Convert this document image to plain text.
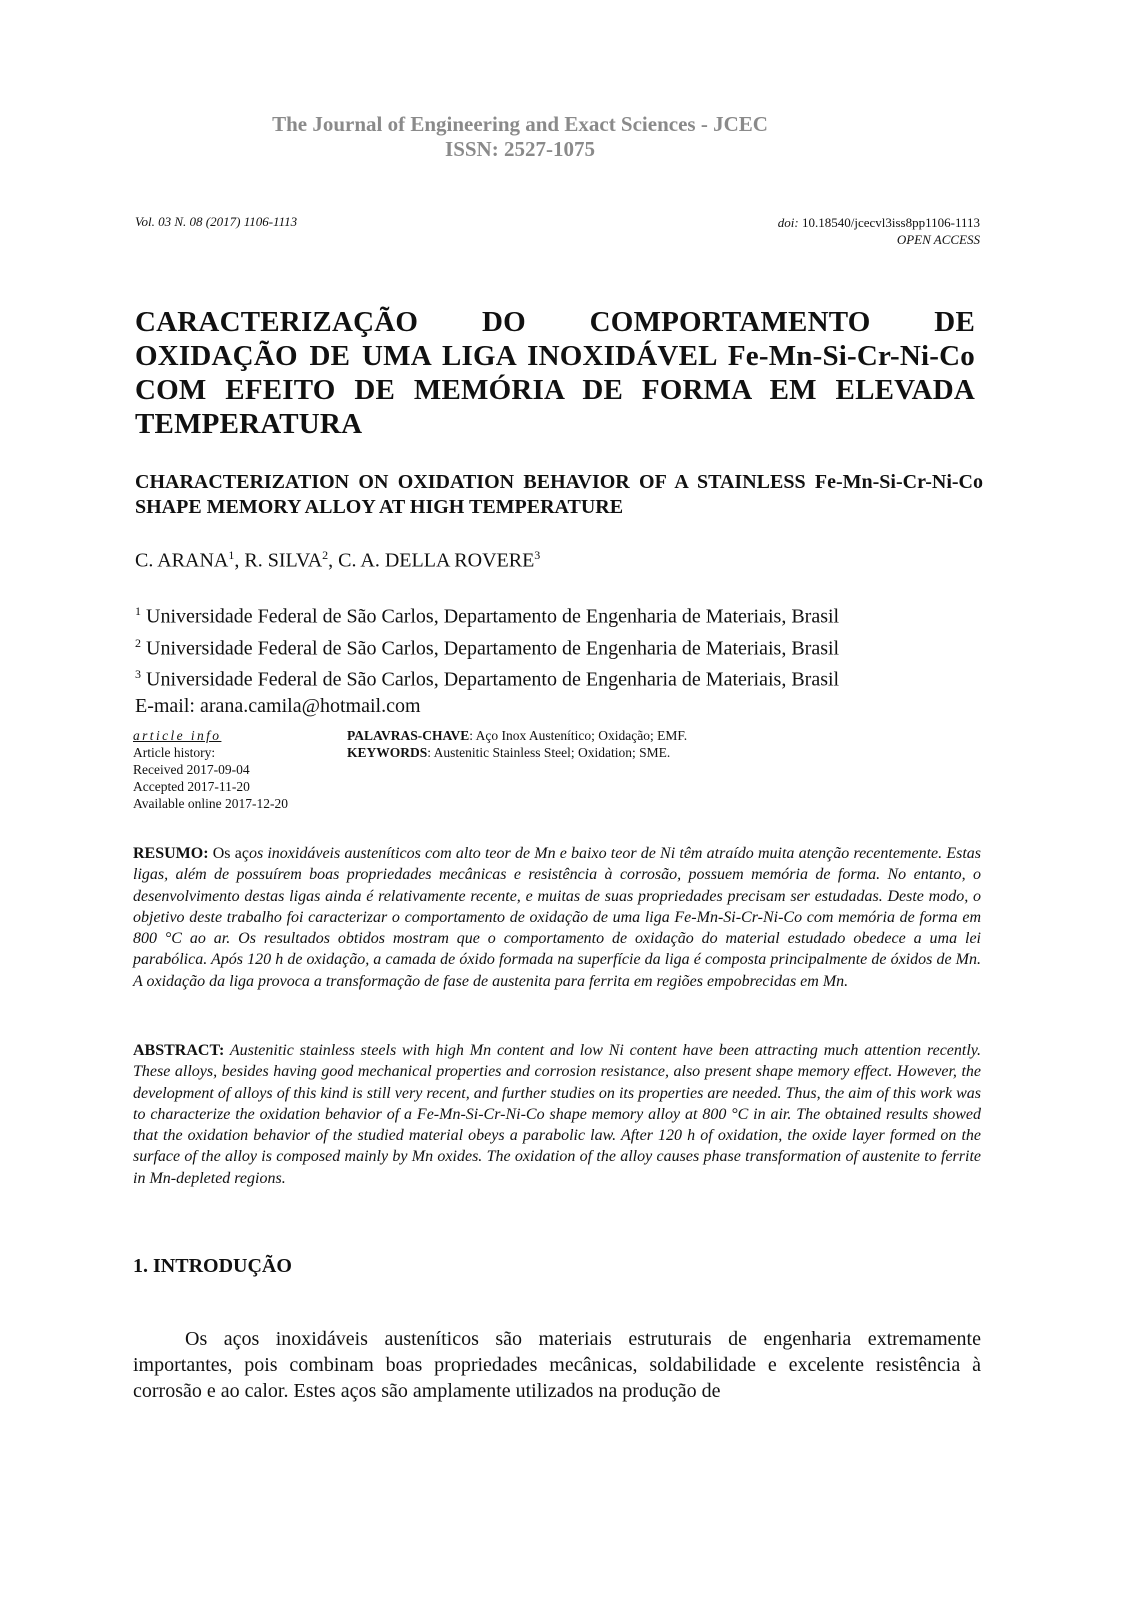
The Journal of Engineering and Exact Sciences - JCEC
ISSN: 2527-1075
Vol. 03 N. 08 (2017) 1106-1113	doi: 10.18540/jcecvl3iss8pp1106-1113
OPEN ACCESS
CARACTERIZAÇÃO DO COMPORTAMENTO DE OXIDAÇÃO DE UMA LIGA INOXIDÁVEL Fe-Mn-Si-Cr-Ni-Co COM EFEITO DE MEMÓRIA DE FORMA EM ELEVADA TEMPERATURA
CHARACTERIZATION ON OXIDATION BEHAVIOR OF A STAINLESS Fe-Mn-Si-Cr-Ni-Co SHAPE MEMORY ALLOY AT HIGH TEMPERATURE
C. ARANA$^1$, R. SILVA$^2$, C. A. DELLA ROVERE$^3$
$^1$ Universidade Federal de São Carlos, Departamento de Engenharia de Materiais, Brasil
$^2$ Universidade Federal de São Carlos, Departamento de Engenharia de Materiais, Brasil
$^3$ Universidade Federal de São Carlos, Departamento de Engenharia de Materiais, Brasil
E-mail: arana.camila@hotmail.com
article info
Article history:
Received 2017-09-04
Accepted 2017-11-20
Available online 2017-12-20
PALAVRAS-CHAVE: Aço Inox Austenítico; Oxidação; EMF.
KEYWORDS: Austenitic Stainless Steel; Oxidation; SME.
RESUMO: Os aços inoxidáveis austeníticos com alto teor de Mn e baixo teor de Ni têm atraído muita atenção recentemente. Estas ligas, além de possuírem boas propriedades mecânicas e resistência à corrosão, possuem memória de forma. No entanto, o desenvolvimento destas ligas ainda é relativamente recente, e muitas de suas propriedades precisam ser estudadas. Deste modo, o objetivo deste trabalho foi caracterizar o comportamento de oxidação de uma liga Fe-Mn-Si-Cr-Ni-Co com memória de forma em 800 °C ao ar. Os resultados obtidos mostram que o comportamento de oxidação do material estudado obedece a uma lei parabólica. Após 120 h de oxidação, a camada de óxido formada na superfície da liga é composta principalmente de óxidos de Mn. A oxidação da liga provoca a transformação de fase de austenita para ferrita em regiões empobrecidas em Mn.
ABSTRACT: Austenitic stainless steels with high Mn content and low Ni content have been attracting much attention recently. These alloys, besides having good mechanical properties and corrosion resistance, also present shape memory effect. However, the development of alloys of this kind is still very recent, and further studies on its properties are needed. Thus, the aim of this work was to characterize the oxidation behavior of a Fe-Mn-Si-Cr-Ni-Co shape memory alloy at 800 °C in air. The obtained results showed that the oxidation behavior of the studied material obeys a parabolic law. After 120 h of oxidation, the oxide layer formed on the surface of the alloy is composed mainly by Mn oxides. The oxidation of the alloy causes phase transformation of austenite to ferrite in Mn-depleted regions.
1. INTRODUÇÃO
Os aços inoxidáveis austeníticos são materiais estruturais de engenharia extremamente importantes, pois combinam boas propriedades mecânicas, soldabilidade e excelente resistência à corrosão e ao calor. Estes aços são amplamente utilizados na produção de
